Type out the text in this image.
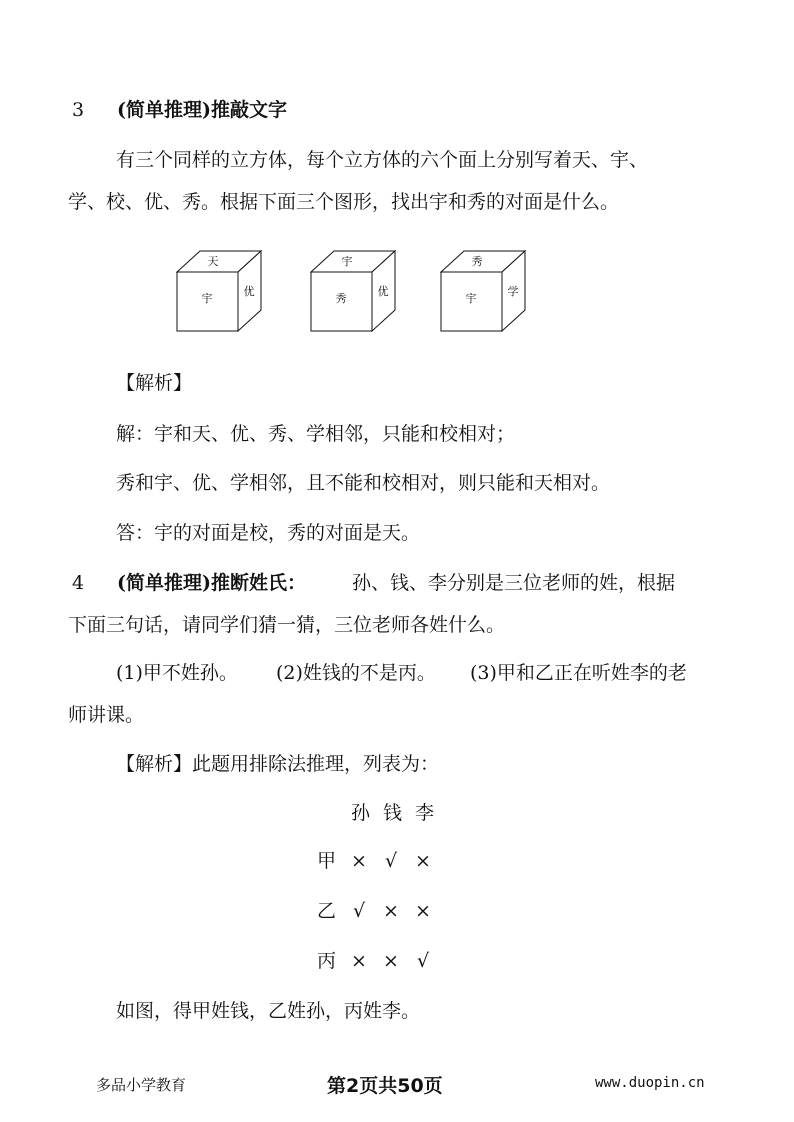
3 (简单推理)推敲文字
有三个同样的立方体，每个立方体的六个面上分别写着天、宇、
学、校、优、秀。根据下面三个图形，找出宇和秀的对面是什么。
天
宇
优
宇
秀
优
秀
宇
学
【解析】
解：宇和天、优、秀、学相邻，只能和校相对；
秀和宇、优、学相邻，且不能和校相对，则只能和天相对。
答：宇的对面是校，秀的对面是天。
4 (简单推理)推断姓氏： 孙、钱、李分别是三位老师的姓，根据
下面三句话，请同学们猜一猜，三位老师各姓什么。
(1)甲不姓孙。 (2)姓钱的不是丙。 (3)甲和乙正在听姓李的老
师讲课。
【解析】此题用排除法推理，列表为：
孙 钱 李
甲 × √ ×
乙 √ × ×
丙 × × √
如图，得甲姓钱，乙姓孙，丙姓李。
多品小学教育	第2页共50页	www.duopin.cn
